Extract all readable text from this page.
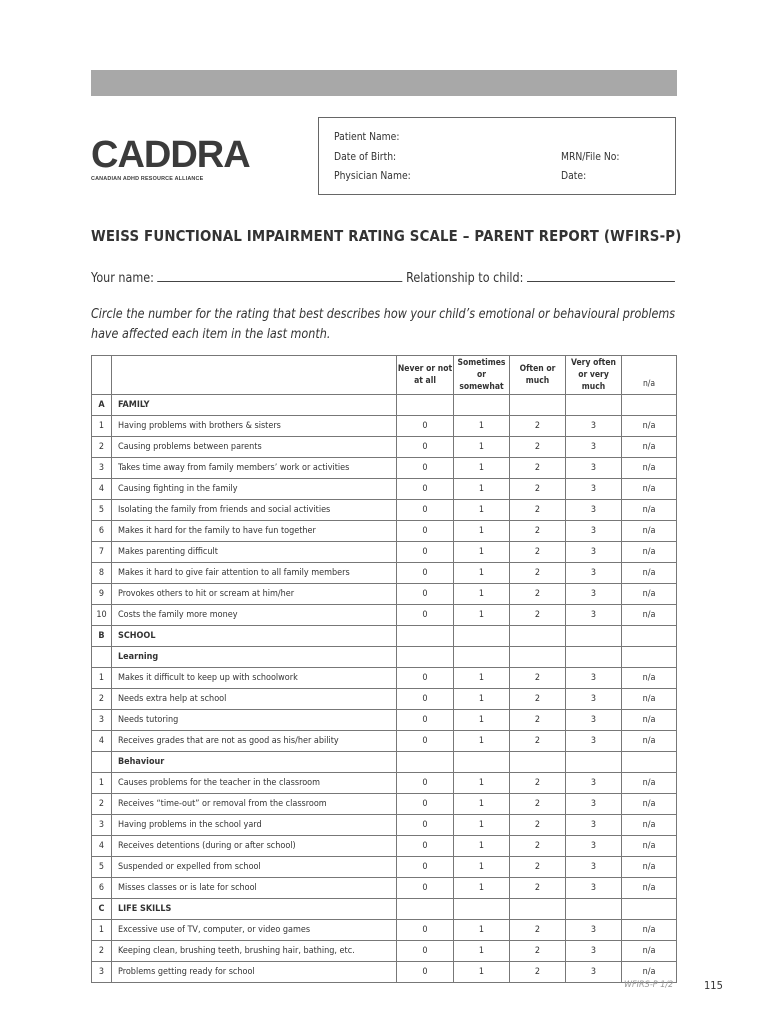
CADDRA
CANADIAN ADHD RESOURCE ALLIANCE
Patient Name:
Date of Birth:
Physician Name:
MRN/File No:
Date:
WEISS FUNCTIONAL IMPAIRMENT RATING SCALE – PARENT REPORT (WFIRS-P)
Your name:	Relationship to child:
Circle the number for the rating that best describes how your child’s emotional or behavioural problems have affected each item in the last month.
		Never or not at all	Sometimes or somewhat	Often or much	Very often or very much	n/a
A	FAMILY					
1	Having problems with brothers & sisters	0	1	2	3	n/a
2	Causing problems between parents	0	1	2	3	n/a
3	Takes time away from family members’ work or activities	0	1	2	3	n/a
4	Causing fighting in the family	0	1	2	3	n/a
5	Isolating the family from friends and social activities	0	1	2	3	n/a
6	Makes it hard for the family to have fun together	0	1	2	3	n/a
7	Makes parenting difficult	0	1	2	3	n/a
8	Makes it hard to give fair attention to all family members	0	1	2	3	n/a
9	Provokes others to hit or scream at him/her	0	1	2	3	n/a
10	Costs the family more money	0	1	2	3	n/a
B	SCHOOL					
	Learning					
1	Makes it difficult to keep up with schoolwork	0	1	2	3	n/a
2	Needs extra help at school	0	1	2	3	n/a
3	Needs tutoring	0	1	2	3	n/a
4	Receives grades that are not as good as his/her ability	0	1	2	3	n/a
	Behaviour					
1	Causes problems for the teacher in the classroom	0	1	2	3	n/a
2	Receives “time-out” or removal from the classroom	0	1	2	3	n/a
3	Having problems in the school yard	0	1	2	3	n/a
4	Receives detentions (during or after school)	0	1	2	3	n/a
5	Suspended or expelled from school	0	1	2	3	n/a
6	Misses classes or is late for school	0	1	2	3	n/a
C	LIFE SKILLS					
1	Excessive use of TV, computer, or video games	0	1	2	3	n/a
2	Keeping clean, brushing teeth, brushing hair, bathing, etc.	0	1	2	3	n/a
3	Problems getting ready for school	0	1	2	3	n/a
WFIRS-P 1/2	115
